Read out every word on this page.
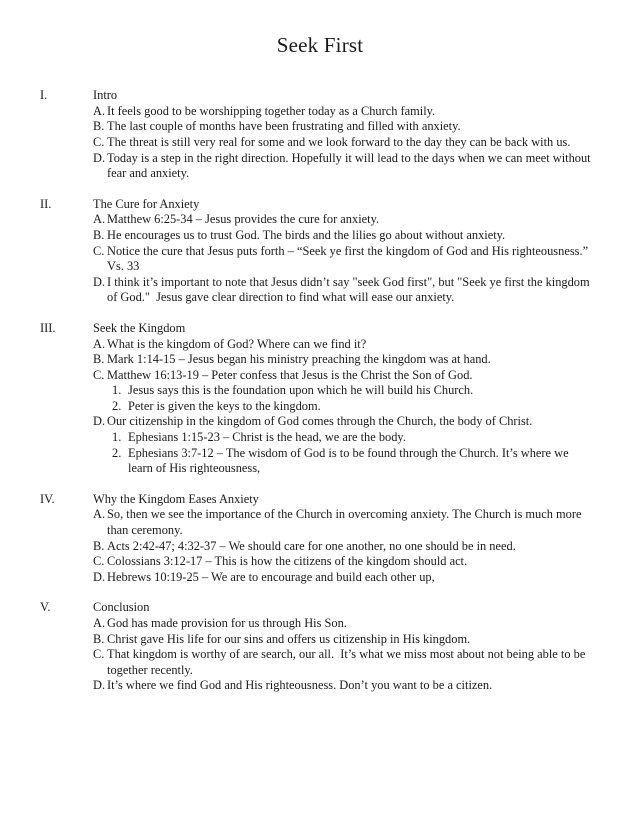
Seek First
I.	Intro
A. It feels good to be worshipping together today as a Church family.
B. The last couple of months have been frustrating and filled with anxiety.
C. The threat is still very real for some and we look forward to the day they can be back with us.
D. Today is a step in the right direction. Hopefully it will lead to the days when we can meet without fear and anxiety.
II.	The Cure for Anxiety
A. Matthew 6:25-34 – Jesus provides the cure for anxiety.
B. He encourages us to trust God. The birds and the lilies go about without anxiety.
C. Notice the cure that Jesus puts forth – “Seek ye first the kingdom of God and His righteousness.” Vs. 33
D. I think it’s important to note that Jesus didn’t say "seek God first", but "Seek ye first the kingdom of God."  Jesus gave clear direction to find what will ease our anxiety.
III.	Seek the Kingdom
A. What is the kingdom of God? Where can we find it?
B. Mark 1:14-15 – Jesus began his ministry preaching the kingdom was at hand.
C. Matthew 16:13-19 – Peter confess that Jesus is the Christ the Son of God.
1. Jesus says this is the foundation upon which he will build his Church.
2. Peter is given the keys to the kingdom.
D. Our citizenship in the kingdom of God comes through the Church, the body of Christ.
1. Ephesians 1:15-23 – Christ is the head, we are the body.
2. Ephesians 3:7-12 – The wisdom of God is to be found through the Church. It’s where we learn of His righteousness,
IV.	Why the Kingdom Eases Anxiety
A. So, then we see the importance of the Church in overcoming anxiety. The Church is much more than ceremony.
B. Acts 2:42-47; 4:32-37 – We should care for one another, no one should be in need.
C. Colossians 3:12-17 – This is how the citizens of the kingdom should act.
D. Hebrews 10:19-25 – We are to encourage and build each other up,
V.	Conclusion
A. God has made provision for us through His Son.
B. Christ gave His life for our sins and offers us citizenship in His kingdom.
C. That kingdom is worthy of are search, our all.  It’s what we miss most about not being able to be together recently.
D. It’s where we find God and His righteousness. Don’t you want to be a citizen.
